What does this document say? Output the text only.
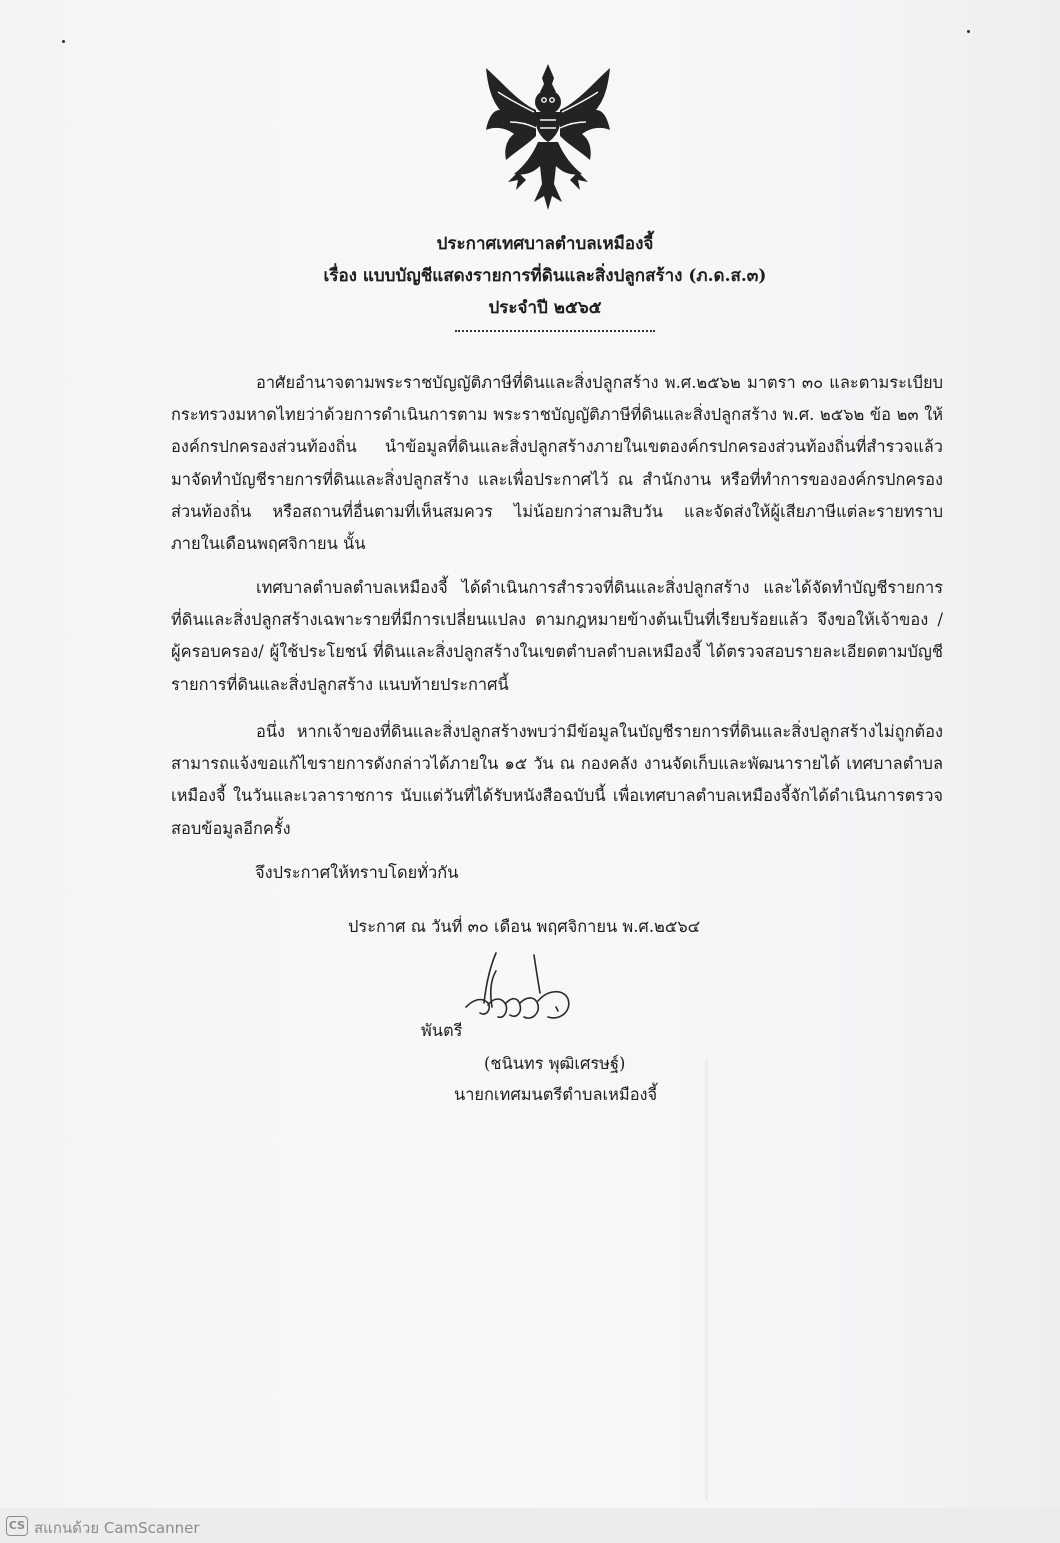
ประกาศเทศบาลตำบลเหมืองจี้
เรื่อง แบบบัญชีแสดงรายการที่ดินและสิ่งปลูกสร้าง (ภ.ด.ส.๓)
ประจำปี ๒๕๖๕

อาศัยอำนาจตามพระราชบัญญัติภาษีที่ดินและสิ่งปลูกสร้าง พ.ศ.๒๕๖๒ มาตรา ๓๐ และตามระเบียบกระทรวงมหาดไทยว่าด้วยการดำเนินการตาม พระราชบัญญัติภาษีที่ดินและสิ่งปลูกสร้าง พ.ศ. ๒๕๖๒ ข้อ ๒๓ ให้องค์กรปกครองส่วนท้องถิ่น นำข้อมูลที่ดินและสิ่งปลูกสร้างภายในเขตองค์กรปกครองส่วนท้องถิ่นที่สำรวจแล้ว มาจัดทำบัญชีรายการที่ดินและสิ่งปลูกสร้าง และเพื่อประกาศไว้ ณ สำนักงาน หรือที่ทำการขององค์กรปกครองส่วนท้องถิ่น หรือสถานที่อื่นตามที่เห็นสมควร ไม่น้อยกว่าสามสิบวัน และจัดส่งให้ผู้เสียภาษีแต่ละรายทราบภายในเดือนพฤศจิกายน นั้น

เทศบาลตำบลตำบลเหมืองจี้ ได้ดำเนินการสำรวจที่ดินและสิ่งปลูกสร้าง และได้จัดทำบัญชีรายการที่ดินและสิ่งปลูกสร้างเฉพาะรายที่มีการเปลี่ยนแปลง ตามกฎหมายข้างต้นเป็นที่เรียบร้อยแล้ว จึงขอให้เจ้าของ / ผู้ครอบครอง/ ผู้ใช้ประโยชน์ ที่ดินและสิ่งปลูกสร้างในเขตตำบลตำบลเหมืองจี้ ได้ตรวจสอบรายละเอียดตามบัญชีรายการที่ดินและสิ่งปลูกสร้าง แนบท้ายประกาศนี้

อนึ่ง หากเจ้าของที่ดินและสิ่งปลูกสร้างพบว่ามีข้อมูลในบัญชีรายการที่ดินและสิ่งปลูกสร้างไม่ถูกต้อง สามารถแจ้งขอแก้ไขรายการดังกล่าวได้ภายใน ๑๕ วัน ณ กองคลัง งานจัดเก็บและพัฒนารายได้ เทศบาลตำบลเหมืองจี้ ในวันและเวลาราชการ นับแต่วันที่ได้รับหนังสือฉบับนี้ เพื่อเทศบาลตำบลเหมืองจี้จักได้ดำเนินการตรวจสอบข้อมูลอีกครั้ง

จึงประกาศให้ทราบโดยทั่วกัน
ประกาศ ณ วันที่ ๓๐ เดือน พฤศจิกายน พ.ศ.๒๕๖๔
พันตรี
(ชนินทร พุฒิเศรษฐ์)
นายกเทศมนตรีตำบลเหมืองจี้
CS สแกนด้วย CamScanner
